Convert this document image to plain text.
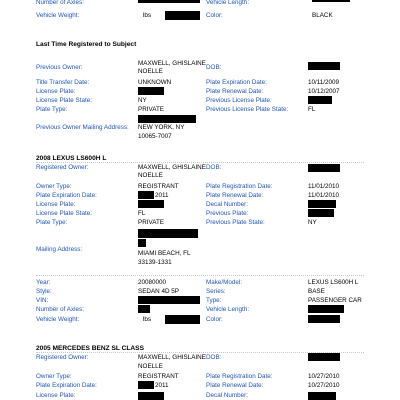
Number of Axles:	Vehicle Length:
Vehicle Weight:	lbs	Color:	BLACK
Last Time Registered to Subject
Previous Owner:
MAXWELL, GHISLAINE
NOELLE
DOB:
Title Transfer Date:	UNKNOWN	Plate Expiration Date:	10/11/2009
License Plate:	Plate Renewal Date:	10/12/2007
License Plate State:	NY	Previous License Plate:
Plate Type:	PRIVATE	Previous License Plate State:	FL
Previous Owner Mailing Address: NEW YORK, NY
10065-7007
2008 LEXUS LS600H L
Registered Owner:	MAXWELL, GHISLAINE
NOELLE
DOB:
Owner Type:	REGISTRANT	Plate Registration Date:	11/01/2010
Plate Expiration Date:	2011	Plate Renewal Date:	11/01/2010
License Plate:	Decal Number:
License Plate State:	FL	Previous Plate:
Plate Type:	PRIVATE	Previous Plate State:	NY
Mailing Address:
MIAMI BEACH, FL
33139-1331
Year:	20080000	Make/Model:	LEXUS LS600H L
Style:	SEDAN 4D 5P	Series:	BASE
VIN:	Type:	PASSENGER CAR
Number of Axles:	Vehicle Length:
Vehicle Weight:	lbs	Color:
2005 MERCEDES BENZ SL CLASS
Registered Owner:	MAXWELL, GHISLAINE
NOELLE
DOB:
Owner Type:	REGISTRANT	Plate Registration Date:	10/27/2010
Plate Expiration Date:	2011	Plate Renewal Date:	10/27/2010
License Plate:	Decal Number:
